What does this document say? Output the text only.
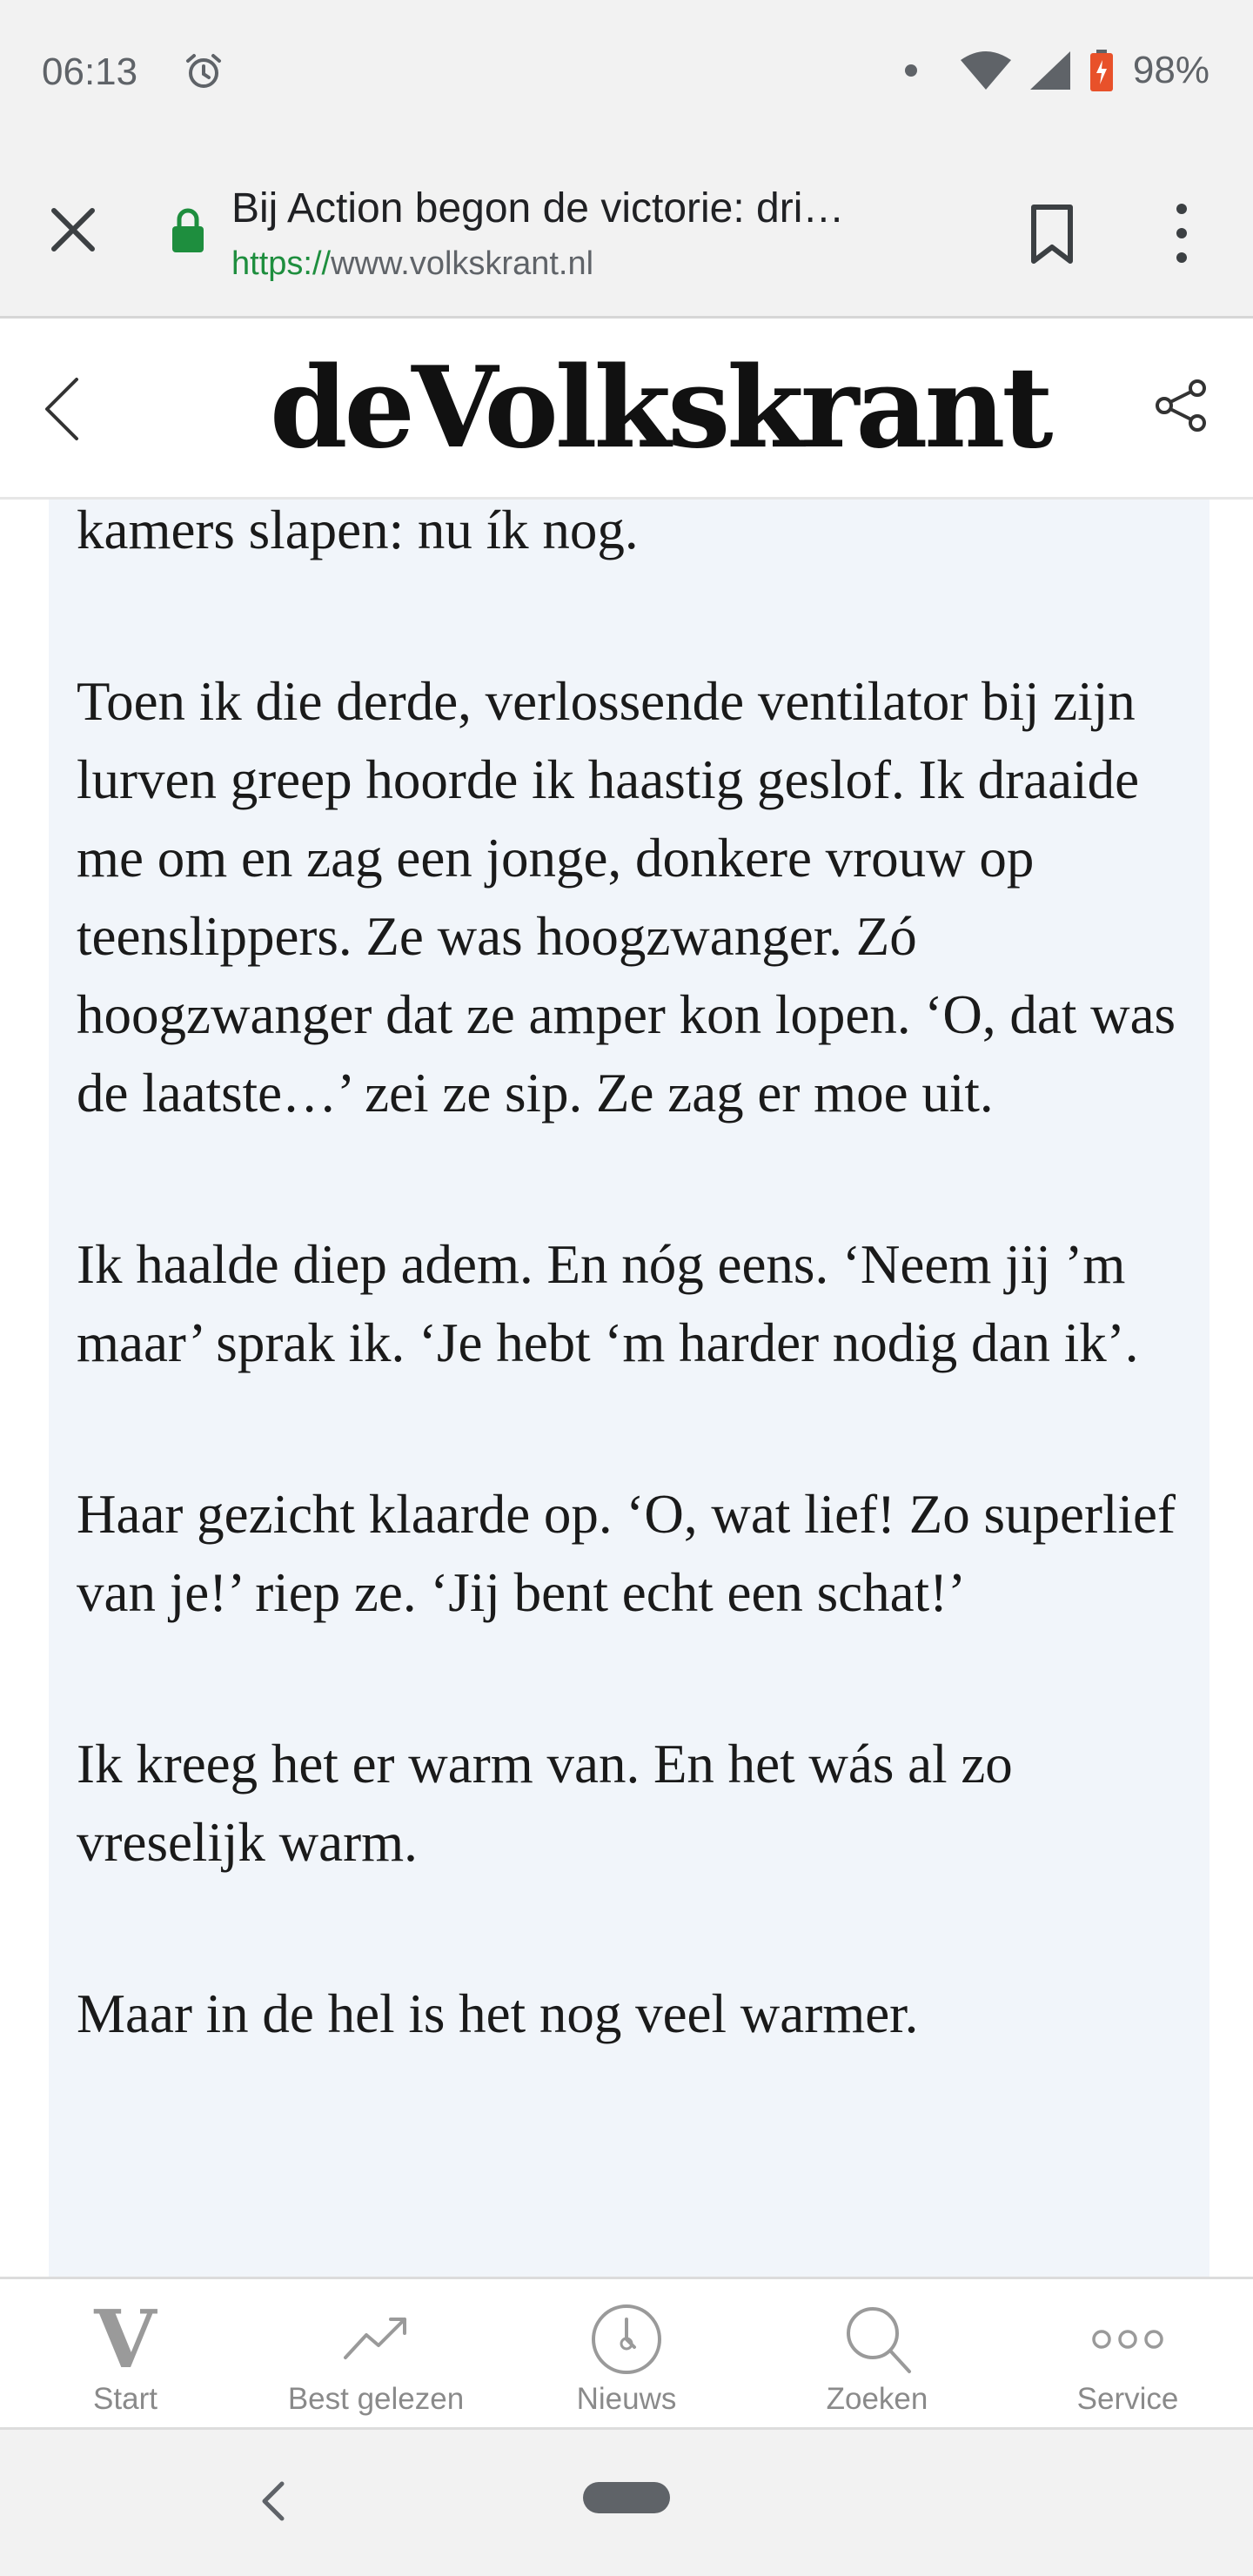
06:13	98%
Bij Action begon de victorie: dri…
https://www.volkskrant.nl
deVolkskrant

kamers slapen: nu ík nog.

Toen ik die derde, verlossende ventilator bij zijn lurven greep hoorde ik haastig geslof. Ik draaide me om en zag een jonge, donkere vrouw op teenslippers. Ze was hoogzwanger. Zó hoogzwanger dat ze amper kon lopen. ‘O, dat was de laatste…’ zei ze sip. Ze zag er moe uit.

Ik haalde diep adem. En nóg eens. ‘Neem jij ’m maar’ sprak ik. ‘Je hebt ‘m harder nodig dan ik’.

Haar gezicht klaarde op. ‘O, wat lief! Zo superlief van je!’ riep ze. ‘Jij bent echt een schat!’

Ik kreeg het er warm van. En het wás al zo vreselijk warm.

Maar in de hel is het nog veel warmer.

V
Start	Best gelezen	Nieuws	Zoeken	Service
